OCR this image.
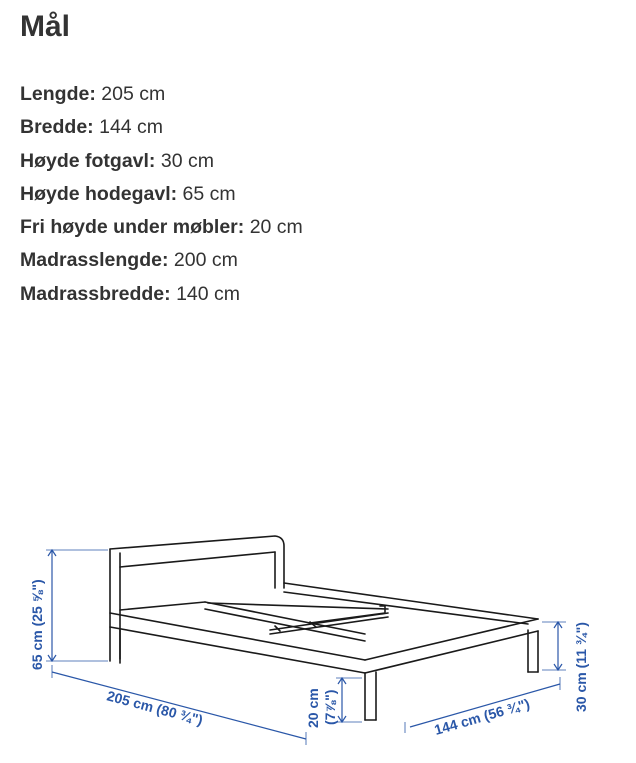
Mål
Lengde: 205 cm
Bredde: 144 cm
Høyde fotgavl: 30 cm
Høyde hodegavl: 65 cm
Fri høyde under møbler: 20 cm
Madrasslengde: 200 cm
Madrassbredde: 140 cm
65 cm (25 ⅝")
205 cm (80 ¾")	20 cm (7⅞")	144 cm (56 ¾")
30 cm (11 ¾")
